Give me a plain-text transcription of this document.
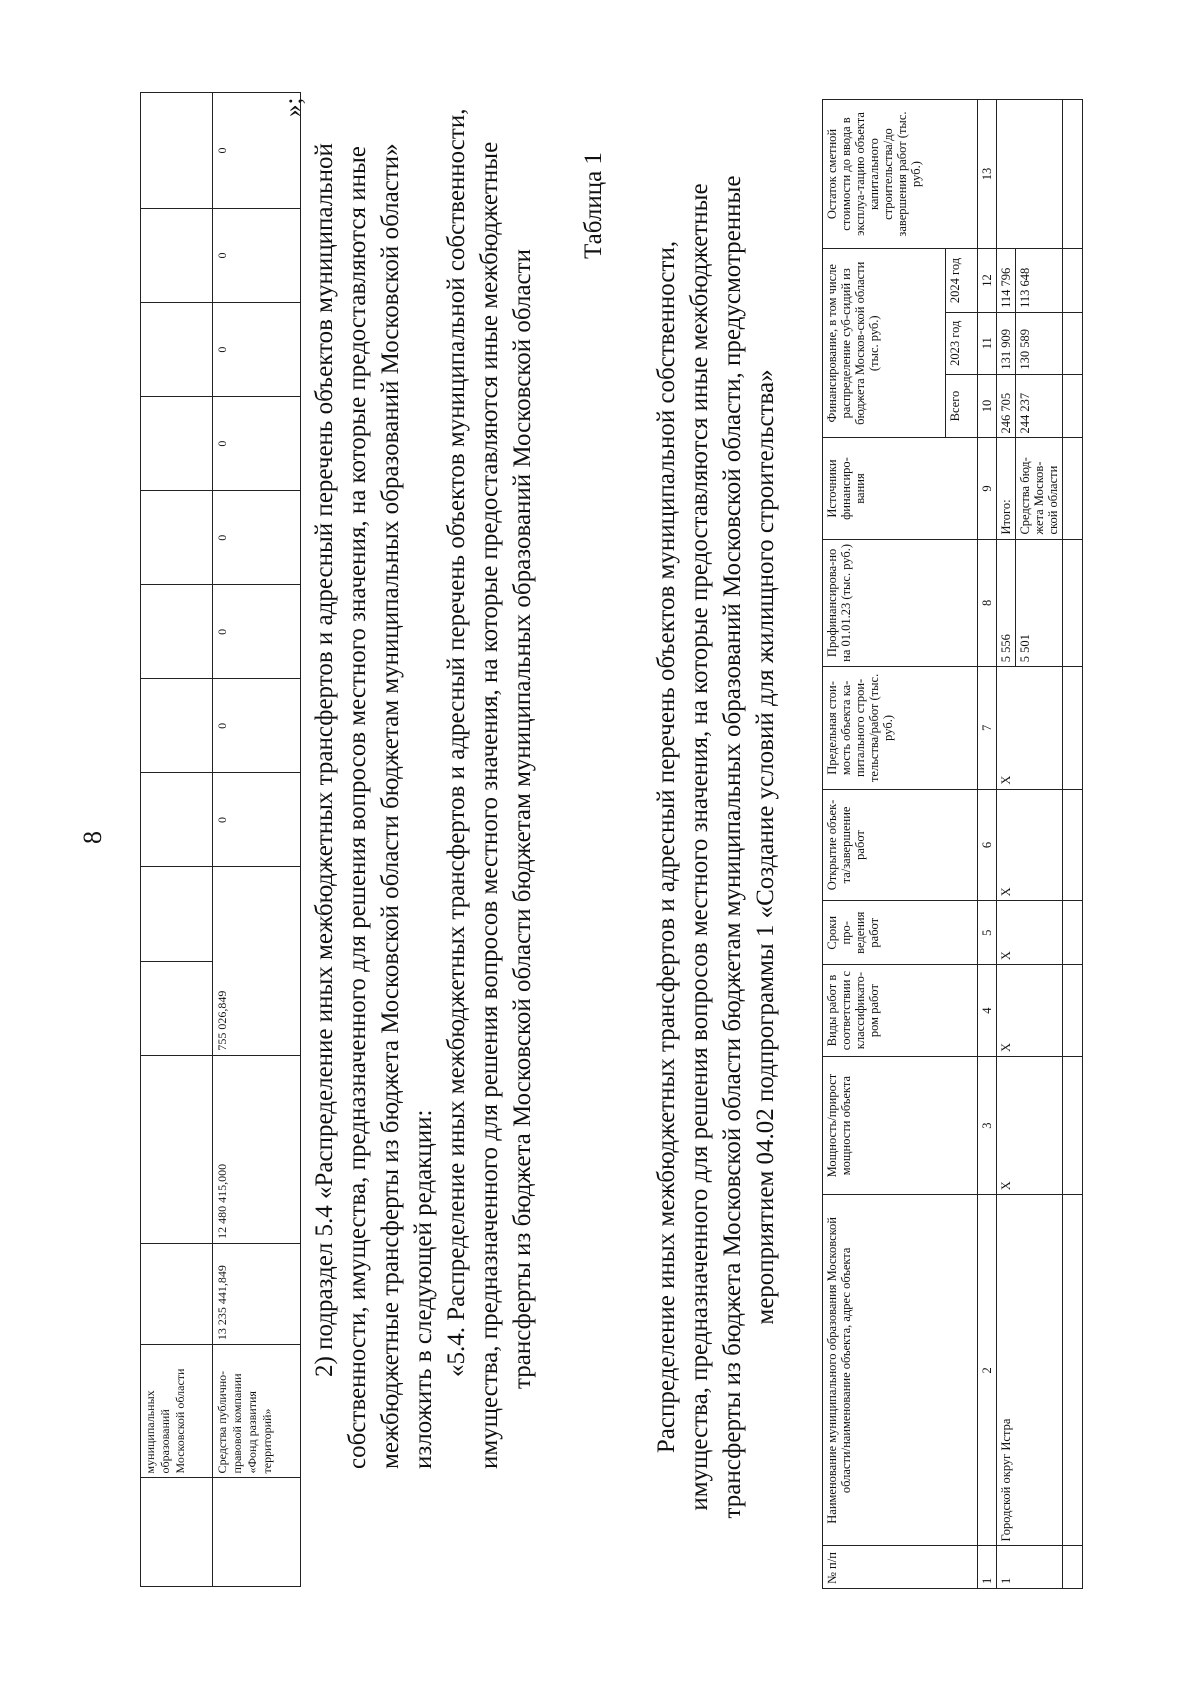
	муниципальных образований Московской области												
	Средства публично-правовой компании «Фонд развития территорий»	13 235 441,849	12 480 415,000	755 026,849		0	0	0	0	0	0	0	0
8
»;
2) подраздел 5.4 «Распределение иных межбюджетных трансфертов и адресный перечень объектов муниципальной собственности, имущества, предназначенного для решения вопросов местного значения, на которые предоставляются иные межбюджетные трансферты из бюджета Московской области бюджетам муниципальных образований Московской области» изложить в следующей редакции: «5.4. Распределение иных межбюджетных трансфертов и адресный перечень объектов муниципальной собственности, имущества, предназначенного для решения вопросов местного значения, на которые предоставляются иные межбюджетные трансферты из бюджета Московской области бюджетам муниципальных образований Московской области
Таблица 1
Распределение иных межбюджетных трансфертов и адресный перечень объектов муниципальной собственности, имущества, предназначенного для решения вопросов местного значения, на которые предоставляются иные межбюджетные трансферты из бюджета Московской области бюджетам муниципальных образований Московской области, предусмотренные мероприятием 04.02 подпрограммы 1 «Создание условий для жилищного строительства»
№ п/п	Наименование муниципального образования Московской области/наименование объекта, адрес объекта	Мощность/прирост мощности объекта	Виды работ в соответствии с классификато-ром работ	Сроки про-ведения работ	Открытие объек-та/завершение работ	Предельная стои-мость объекта ка-питального строи-тельства/работ (тыс. руб.)	Профинансирова-но на 01.01.23 (тыс. руб.)	Источники финансиро-вания	Финансирование, в том числе распределение суб-сидий из бюджета Москов-ской области (тыс. руб.)			Остаток сметной стоимости до ввода в эксплуа-тацию объекта капитального строительства/до завершения работ (тыс. руб.)
									Всего	2023 год	2024 год	
1	2	3	4	5	6	7	8	9	10	11	12	13
1	Городской округ Истра	X	X	X	X	X	5 556	Итого:	246 705	131 909	114 796	
							5 501	Средства бюд-жета Москов-ской области	244 237	130 589	113 648	
